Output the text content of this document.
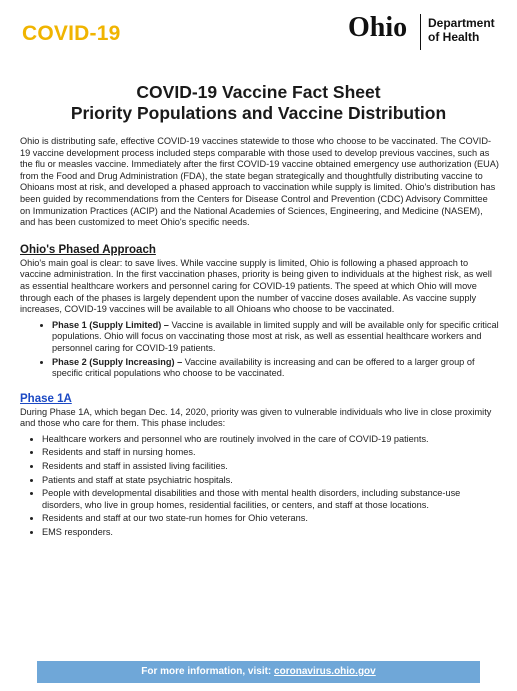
COVID-19	Ohio Department
of Health
COVID-19 Vaccine Fact Sheet
Priority Populations and Vaccine Distribution

Ohio is distributing safe, effective COVID-19 vaccines statewide to those who choose to be vaccinated. The COVID-19 vaccine development process included steps comparable with those used to develop previous vaccines, such as the flu or measles vaccine. Immediately after the first COVID-19 vaccine obtained emergency use authorization (EUA) from the Food and Drug Administration (FDA), the state began strategically and thoughtfully distributing vaccine to Ohioans most at risk, and developed a phased approach to vaccination while supply is limited. Ohio's distribution has been guided by recommendations from the Centers for Disease Control and Prevention (CDC) Advisory Committee on Immunization Practices (ACIP) and the National Academies of Sciences, Engineering, and Medicine (NASEM), and has been customized to meet Ohio's specific needs.

Ohio's Phased Approach

Ohio's main goal is clear: to save lives. While vaccine supply is limited, Ohio is following a phased approach to vaccine administration. In the first vaccination phases, priority is being given to individuals at the highest risk, as well as essential healthcare workers and personnel caring for COVID-19 patients. The speed at which Ohio will move through each of the phases is largely dependent upon the number of vaccine doses available. As vaccine supply increases, COVID-19 vaccines will be available to all Ohioans who choose to be vaccinated.

• Phase 1 (Supply Limited) – Vaccine is available in limited supply and will be available only for specific critical populations. Ohio will focus on vaccinating those most at risk, as well as essential healthcare workers and personnel caring for COVID-19 patients.
• Phase 2 (Supply Increasing) – Vaccine availability is increasing and can be offered to a larger group of specific critical populations who choose to be vaccinated.
Phase 1A

During Phase 1A, which began Dec. 14, 2020, priority was given to vulnerable individuals who live in close proximity and those who care for them. This phase includes:

• Healthcare workers and personnel who are routinely involved in the care of COVID-19 patients.
• Residents and staff in nursing homes.
• Residents and staff in assisted living facilities.
• Patients and staff at state psychiatric hospitals.
• People with developmental disabilities and those with mental health disorders, including substance-use disorders, who live in group homes, residential facilities, or centers, and staff at those locations.
• Residents and staff at our two state-run homes for Ohio veterans.
• EMS responders.
For more information, visit: coronavirus.ohio.gov
